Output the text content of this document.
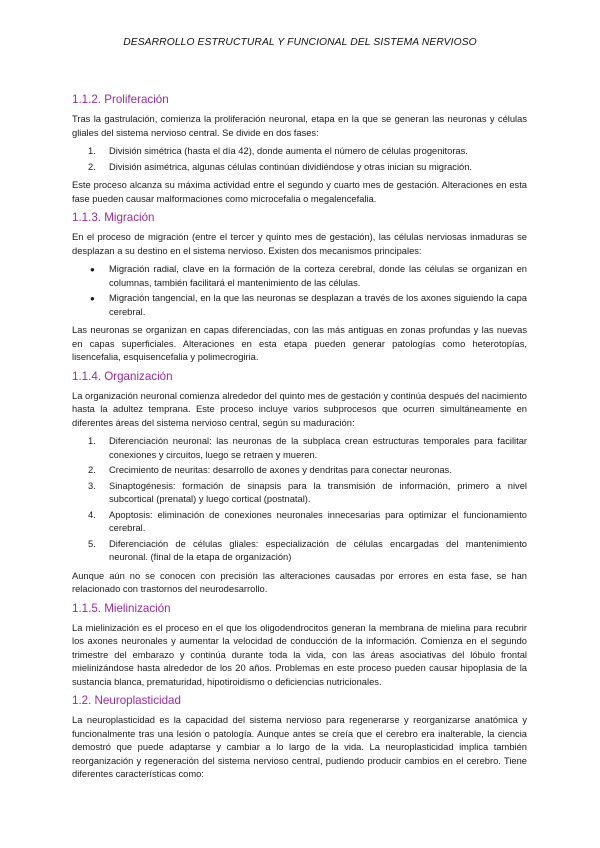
DESARROLLO ESTRUCTURAL Y FUNCIONAL DEL SISTEMA NERVIOSO
1.1.2. Proliferación

Tras la gastrulación, comienza la proliferación neuronal, etapa en la que se generan las neuronas y células gliales del sistema nervioso central. Se divide en dos fases:

1. División simétrica (hasta el día 42), donde aumenta el número de células progenitoras.
2. División asimétrica, algunas células continúan dividiéndose y otras inician su migración.

Este proceso alcanza su máxima actividad entre el segundo y cuarto mes de gestación. Alteraciones en esta fase pueden causar malformaciones como microcefalia o megalencefalia.

1.1.3. Migración

En el proceso de migración (entre el tercer y quinto mes de gestación), las células nerviosas inmaduras se desplazan a su destino en el sistema nervioso. Existen dos mecanismos principales:

● Migración radial, clave en la formación de la corteza cerebral, donde las células se organizan en columnas, también facilitará el mantenimiento de las células.
● Migración tangencial, en la que las neuronas se desplazan a través de los axones siguiendo la capa cerebral.

Las neuronas se organizan en capas diferenciadas, con las más antiguas en zonas profundas y las nuevas en capas superficiales. Alteraciones en esta etapa pueden generar patologías como heterotopías, lisencefalia, esquisencefalia y polimecrogiria.

1.1.4. Organización

La organización neuronal comienza alrededor del quinto mes de gestación y continúa después del nacimiento hasta la adultez temprana. Este proceso incluye varios subprocesos que ocurren simultáneamente en diferentes áreas del sistema nervioso central, según su maduración:

1. Diferenciación neuronal: las neuronas de la subplaca crean estructuras temporales para facilitar conexiones y circuitos, luego se retraen y mueren.
2. Crecimiento de neuritas: desarrollo de axones y dendritas para conectar neuronas.
3. Sinaptogénesis: formación de sinapsis para la transmisión de información, primero a nivel subcortical (prenatal) y luego cortical (postnatal).
4. Apoptosis: eliminación de conexiones neuronales innecesarias para optimizar el funcionamiento cerebral.
5. Diferenciación de células gliales: especialización de células encargadas del mantenimiento neuronal. (final de la etapa de organización)

Aunque aún no se conocen con precisión las alteraciones causadas por errores en esta fase, se han relacionado con trastornos del neurodesarrollo.

1.1.5. Mielinización

La mielinización es el proceso en el que los oligodendrocitos generan la membrana de mielina para recubrir los axones neuronales y aumentar la velocidad de conducción de la información. Comienza en el segundo trimestre del embarazo y continúa durante toda la vida, con las áreas asociativas del lóbulo frontal mielinizándose hasta alrededor de los 20 años. Problemas en este proceso pueden causar hipoplasia de la sustancia blanca, prematuridad, hipotiroidismo o deficiencias nutricionales.

1.2. Neuroplasticidad

La neuroplasticidad es la capacidad del sistema nervioso para regenerarse y reorganizarse anatómica y funcionalmente tras una lesión o patología. Aunque antes se creía que el cerebro era inalterable, la ciencia demostró que puede adaptarse y cambiar a lo largo de la vida. La neuroplasticidad implica también reorganización y regeneración del sistema nervioso central, pudiendo producir cambios en el cerebro. Tiene diferentes características como:
